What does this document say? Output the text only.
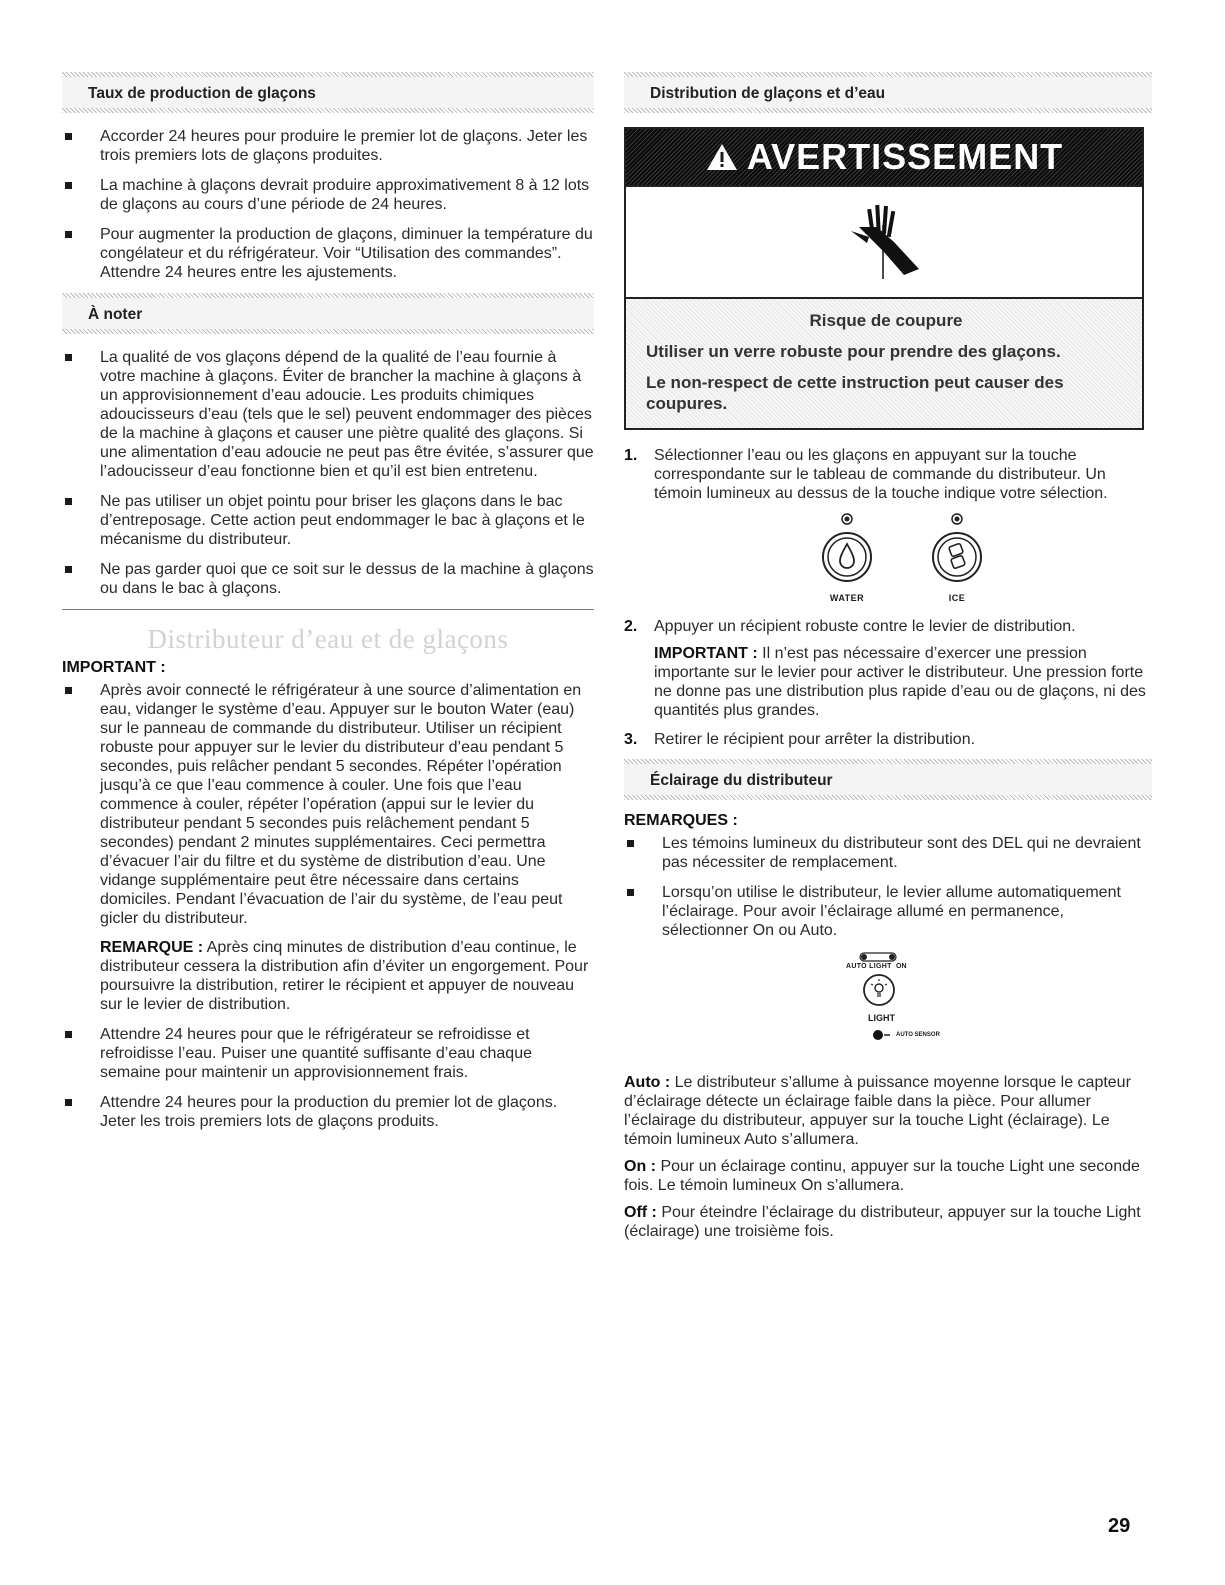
Taux de production de glaçons
Accorder 24 heures pour produire le premier lot de glaçons. Jeter les trois premiers lots de glaçons produites.
La machine à glaçons devrait produire approximativement 8 à 12 lots de glaçons au cours d’une période de 24 heures.
Pour augmenter la production de glaçons, diminuer la température du congélateur et du réfrigérateur. Voir “Utilisation des commandes”. Attendre 24 heures entre les ajustements.
À noter
La qualité de vos glaçons dépend de la qualité de l’eau fournie à votre machine à glaçons. Éviter de brancher la machine à glaçons à un approvisionnement d’eau adoucie. Les produits chimiques adoucisseurs d’eau (tels que le sel) peuvent endommager des pièces de la machine à glaçons et causer une piètre qualité des glaçons. Si une alimentation d’eau adoucie ne peut pas être évitée, s’assurer que l’adoucisseur d’eau fonctionne bien et qu’il est bien entretenu.
Ne pas utiliser un objet pointu pour briser les glaçons dans le bac d’entreposage. Cette action peut endommager le bac à glaçons et le mécanisme du distributeur.
Ne pas garder quoi que ce soit sur le dessus de la machine à glaçons ou dans le bac à glaçons.
Distributeur d’eau et de glaçons
IMPORTANT :
Après avoir connecté le réfrigérateur à une source d’alimentation en eau, vidanger le système d’eau. Appuyer sur le bouton Water (eau) sur le panneau de commande du distributeur. Utiliser un récipient robuste pour appuyer sur le levier du distributeur d’eau pendant 5 secondes, puis relâcher pendant 5 secondes. Répéter l’opération jusqu’à ce que l’eau commence à couler. Une fois que l’eau commence à couler, répéter l’opération (appui sur le levier du distributeur pendant 5 secondes puis relâchement pendant 5 secondes) pendant 2 minutes supplémentaires. Ceci permettra d’évacuer l’air du filtre et du système de distribution d’eau. Une vidange supplémentaire peut être nécessaire dans certains domiciles. Pendant l’évacuation de l’air du système, de l’eau peut gicler du distributeur.
REMARQUE : Après cinq minutes de distribution d’eau continue, le distributeur cessera la distribution afin d’éviter un engorgement. Pour poursuivre la distribution, retirer le récipient et appuyer de nouveau sur le levier de distribution.
Attendre 24 heures pour que le réfrigérateur se refroidisse et refroidisse l’eau. Puiser une quantité suffisante d’eau chaque semaine pour maintenir un approvisionnement frais.
Attendre 24 heures pour la production du premier lot de glaçons. Jeter les trois premiers lots de glaçons produits.
Distribution de glaçons et d’eau
AVERTISSEMENT
Risque de coupure
Utiliser un verre robuste pour prendre des glaçons.
Le non-respect de cette instruction peut causer des coupures.
1. Sélectionner l’eau ou les glaçons en appuyant sur la touche correspondante sur le tableau de commande du distributeur. Un témoin lumineux au dessus de la touche indique votre sélection.
WATER	ICE
2. Appuyer un récipient robuste contre le levier de distribution.

IMPORTANT : Il n’est pas nécessaire d’exercer une pression importante sur le levier pour activer le distributeur. Une pression forte ne donne pas une distribution plus rapide d’eau ou de glaçons, ni des quantités plus grandes.

3. Retirer le récipient pour arrêter la distribution.
Éclairage du distributeur
REMARQUES :
Les témoins lumineux du distributeur sont des DEL qui ne devraient pas nécessiter de remplacement.
Lorsqu’on utilise le distributeur, le levier allume automatiquement l’éclairage. Pour avoir l’éclairage allumé en permanence, sélectionner On ou Auto.
AUTO LIGHT ON
LIGHT
AUTO SENSOR

Auto : Le distributeur s’allume à puissance moyenne lorsque le capteur d’éclairage détecte un éclairage faible dans la pièce. Pour allumer l’éclairage du distributeur, appuyer sur la touche Light (éclairage). Le témoin lumineux Auto s’allumera.

On : Pour un éclairage continu, appuyer sur la touche Light une seconde fois. Le témoin lumineux On s’allumera.

Off : Pour éteindre l’éclairage du distributeur, appuyer sur la touche Light (éclairage) une troisième fois.

29
